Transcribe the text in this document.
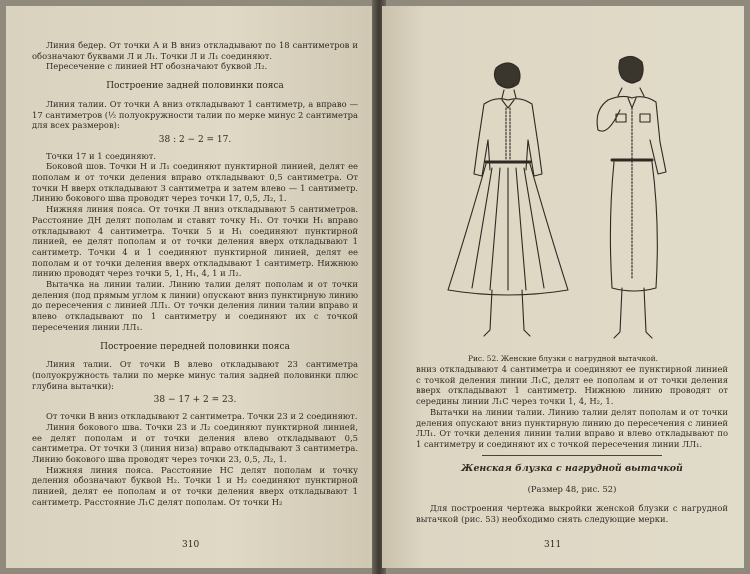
Линия бедер. От точки А и В вниз откладывают по 18 сантиметров и обозначают буквами Л и Л₁. Точки Л и Л₁ соединяют.

Пересечение с линией НТ обозначают буквой Л₂.

Построение задней половинки пояса

Линия талии. От точки А вниз откладывают 1 сантиметр, а вправо — 17 сантиметров (½ полуокружности талии по мерке минус 2 сантиметра для всех размеров):

38 : 2 − 2 = 17.

Точки 17 и 1 соединяют.

Боковой шов. Точки Н и Л₁ соединяют пунктирной линией, делят ее пополам и от точки деления вправо откладывают 0,5 сантиметра. От точки Н вверх откладывают 3 сантиметра и затем влево — 1 сантиметр. Линию бокового шва проводят через точки 17, 0,5, Л₂, 1.

Нижняя линия пояса. От точки Л вниз откладывают 5 сантиметров. Расстояние ДН делят пополам и ставят точку Н₁. От точки Н₁ вправо откладывают 4 сантиметра. Точки 5 и Н₁ соединяют пунктирной линией, ее делят пополам и от точки деления вверх откладывают 1 сантиметр. Точки 4 и 1 соединяют пунктирной линией, делят ее пополам и от точки деления вверх откладывают 1 сантиметр. Нижнюю линию проводят через точки 5, 1, Н₁, 4, 1 и Л₂.

Вытачка на линии талии. Линию талии делят пополам и от точки деления (под прямым углом к линии) опускают вниз пунктирную линию до пересечения с линией ЛЛ₁. От точки деления линии талии вправо и влево откладывают по 1 сантиметру и соединяют их с точкой пересечения линии ЛЛ₁.

Построение передней половинки пояса

Линия талии. От точки В влево откладывают 23 сантиметра (полуокружность талии по мерке минус талия задней половинки плюс глубина вытачки):

38 − 17 + 2 = 23.

От точки В вниз откладывают 2 сантиметра. Точки 23 и 2 соединяют.

Линия бокового шва. Точки 23 и Л₂ соединяют пунктирной линией, ее делят пополам и от точки деления влево откладывают 0,5 сантиметра. От точки 3 (линия низа) вправо откладывают 3 сантиметра. Линию бокового шва проводят через точки 23, 0,5, Л₂, 1.

Нижняя линия пояса. Расстояние НС делят пополам и точку деления обозначают буквой Н₂. Точки 1 и Н₂ соединяют пунктирной линией, делят ее пополам и от точки деления вверх откладывают 1 сантиметр. Расстояние Л₁С делят пополам. От точки Н₂

310
Рис. 52. Женские блузки с нагрудной вытачкой.

вниз откладывают 4 сантиметра и соединяют ее пунктирной линией с точкой деления линии Л₁С, делят ее пополам и от точки деления вверх откладывают 1 сантиметр. Нижнюю линию проводят от середины линии Л₁С через точки 1, 4, Н₂, 1.

Вытачки на линии талии. Линию талии делят пополам и от точки деления опускают вниз пунктирную линию до пересечения с линией ЛЛ₁. От точки деления линии талии вправо и влево откладывают по 1 сантиметру и соединяют их с точкой пересечения линии ЛЛ₁.

Женская блузка с нагрудной вытачкой

(Размер 48, рис. 52)

Для построения чертежа выкройки женской блузки с нагрудной вытачкой (рис. 53) необходимо снять следующие мерки.

311
